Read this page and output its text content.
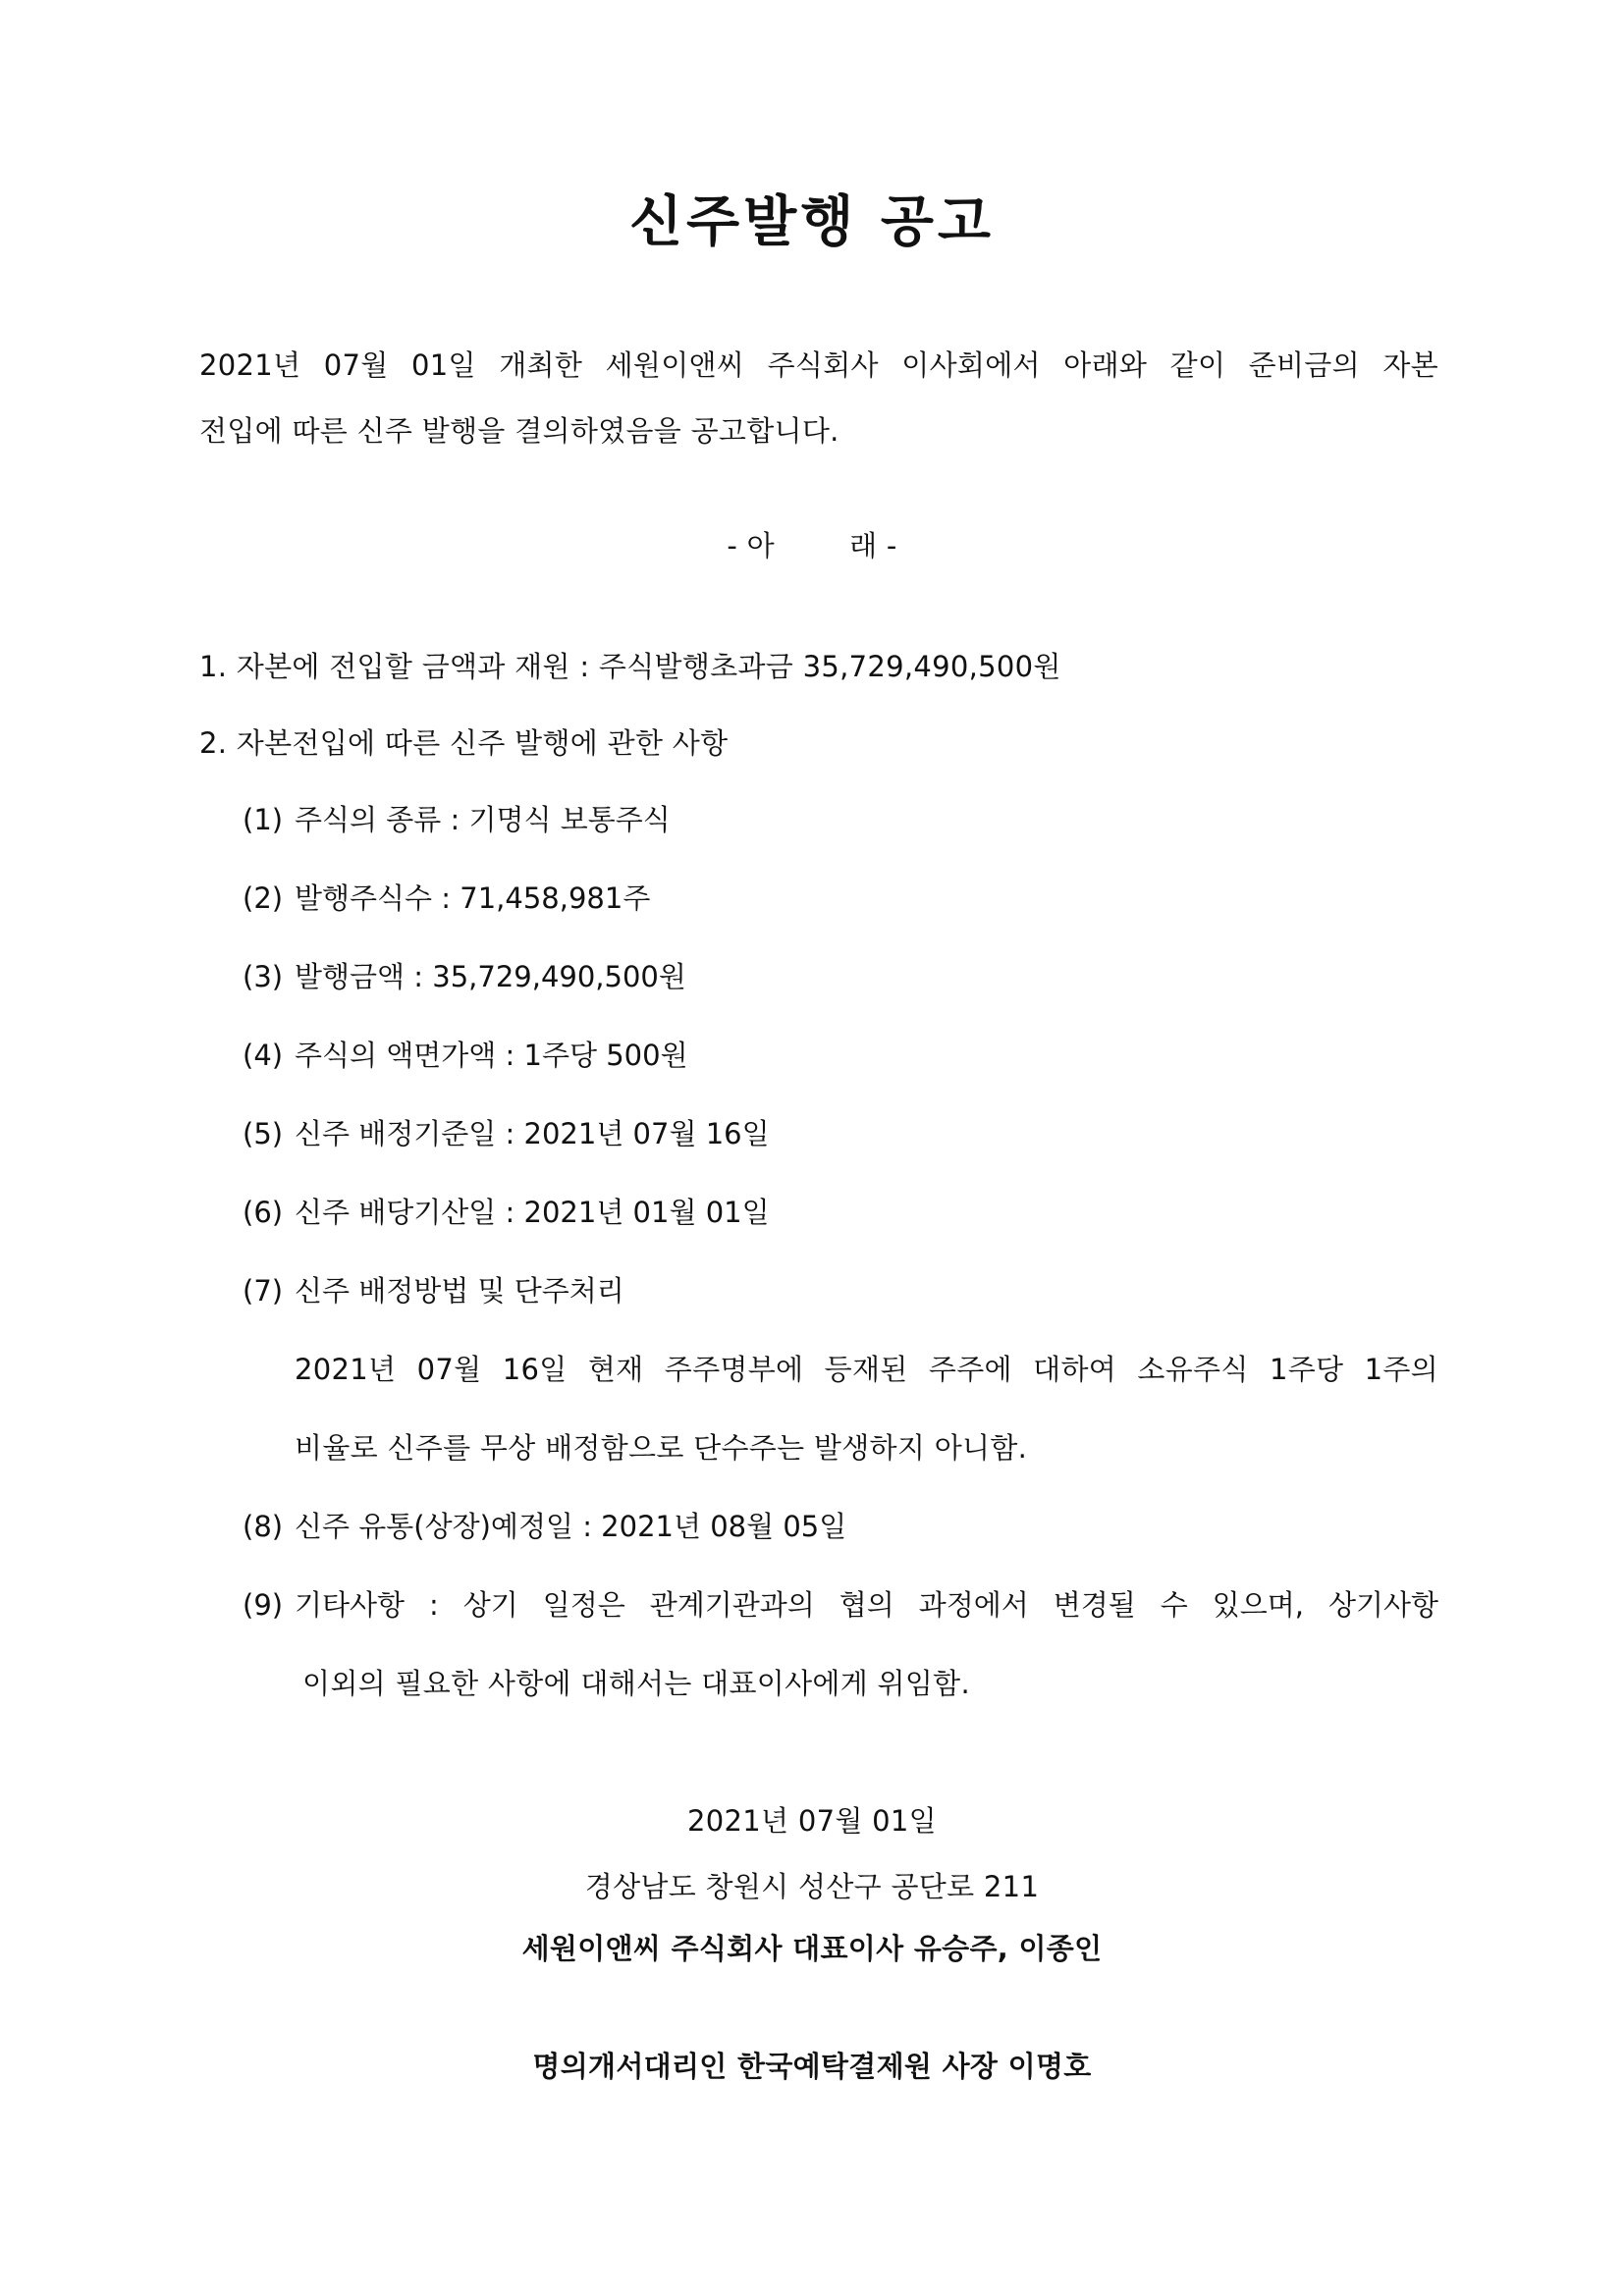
신주발행 공고
2021년 07월 01일 개최한 세원이앤씨 주식회사 이사회에서 아래와 같이 준비금의 자본
전입에 따른 신주 발행을 결의하였음을 공고합니다.
- 아        래 -
1. 자본에 전입할 금액과 재원 : 주식발행초과금 35,729,490,500원
2. 자본전입에 따른 신주 발행에 관한 사항
(1) 주식의 종류 : 기명식 보통주식
(2) 발행주식수 : 71,458,981주
(3) 발행금액 : 35,729,490,500원
(4) 주식의 액면가액 : 1주당 500원
(5) 신주 배정기준일 : 2021년 07월 16일
(6) 신주 배당기산일 : 2021년 01월 01일
(7) 신주 배정방법 및 단주처리
2021년 07월 16일 현재 주주명부에 등재된 주주에 대하여 소유주식 1주당 1주의
비율로 신주를 무상 배정함으로 단수주는 발생하지 아니함.
(8) 신주 유통(상장)예정일 : 2021년 08월 05일
(9) 기타사항 : 상기 일정은 관계기관과의 협의 과정에서 변경될 수 있으며, 상기사항
이외의 필요한 사항에 대해서는 대표이사에게 위임함.
2021년 07월 01일
경상남도 창원시 성산구 공단로 211
세원이앤씨 주식회사 대표이사 유승주, 이종인
명의개서대리인 한국예탁결제원 사장 이명호
